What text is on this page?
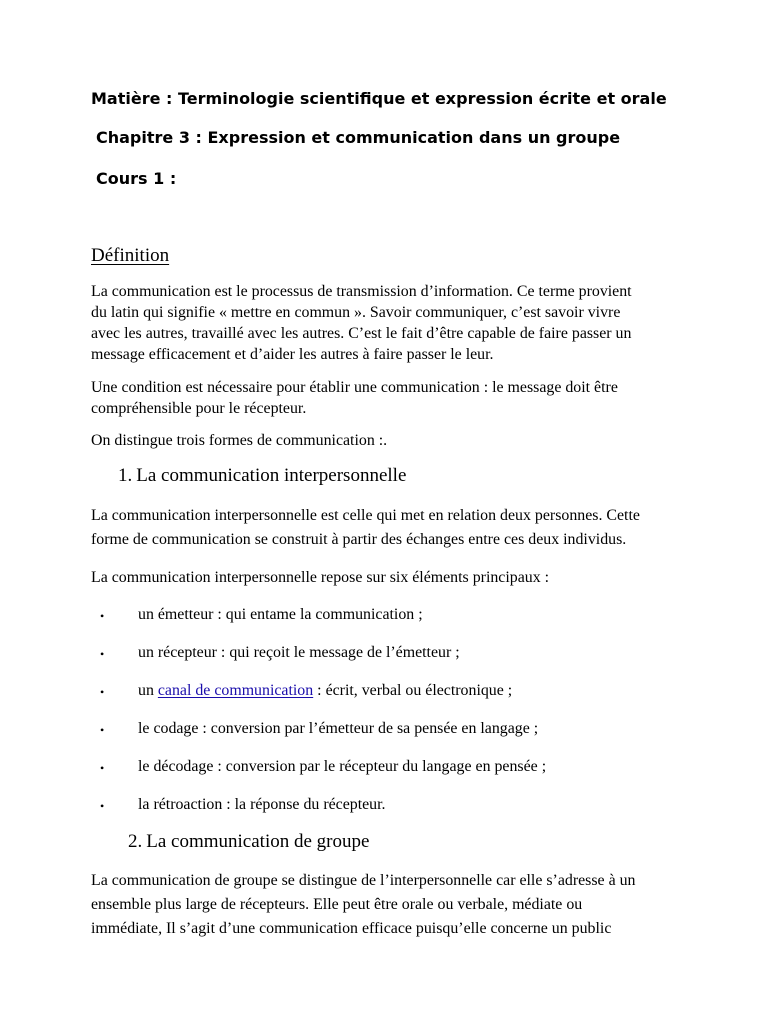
Matière : Terminologie scientifique et expression écrite et orale
Chapitre 3 : Expression et communication dans un groupe
Cours 1 :
Définition
La communication est le processus de transmission d’information. Ce terme provient
du latin qui signifie « mettre en commun ». Savoir communiquer, c’est savoir vivre
avec les autres, travaillé avec les autres. C’est le fait d’être capable de faire passer un
message efficacement et d’aider les autres à faire passer le leur.
Une condition est nécessaire pour établir une communication : le message doit être
compréhensible pour le récepteur.
On distingue trois formes de communication :.
1. La communication interpersonnelle
La communication interpersonnelle est celle qui met en relation deux personnes. Cette
forme de communication se construit à partir des échanges entre ces deux individus.
La communication interpersonnelle repose sur six éléments principaux :
• un émetteur : qui entame la communication ;
• un récepteur : qui reçoit le message de l’émetteur ;
• un canal de communication : écrit, verbal ou électronique ;
• le codage : conversion par l’émetteur de sa pensée en langage ;
• le décodage : conversion par le récepteur du langage en pensée ;
• la rétroaction : la réponse du récepteur.
2. La communication de groupe
La communication de groupe se distingue de l’interpersonnelle car elle s’adresse à un
ensemble plus large de récepteurs. Elle peut être orale ou verbale, médiate ou
immédiate, Il s’agit d’une communication efficace puisqu’elle concerne un public
